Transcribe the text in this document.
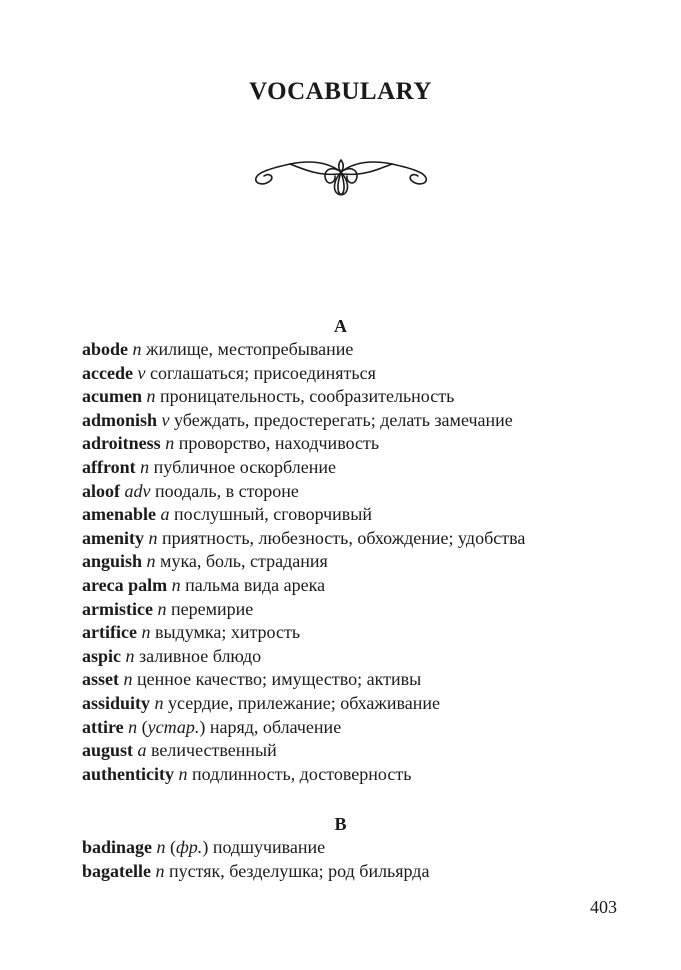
VOCABULARY
A
abode n жилище, местопребывание
accede v соглашаться; присоединяться
acumen n проницательность, сообразительность
admonish v убеждать, предостерегать; делать замечание
adroitness n проворство, находчивость
affront n публичное оскорбление
aloof adv поодаль, в стороне
amenable a послушный, сговорчивый
amenity n приятность, любезность, обхождение; удобства
anguish n мука, боль, страдания
areca palm n пальма вида арека
armistice n перемирие
artifice n выдумка; хитрость
aspic n заливное блюдо
asset n ценное качество; имущество; активы
assiduity n усердие, прилежание; обхаживание
attire n (устар.) наряд, облачение
august a величественный
authenticity n подлинность, достоверность
B
badinage n (фр.) подшучивание
bagatelle n пустяк, безделушка; род бильярда
403
